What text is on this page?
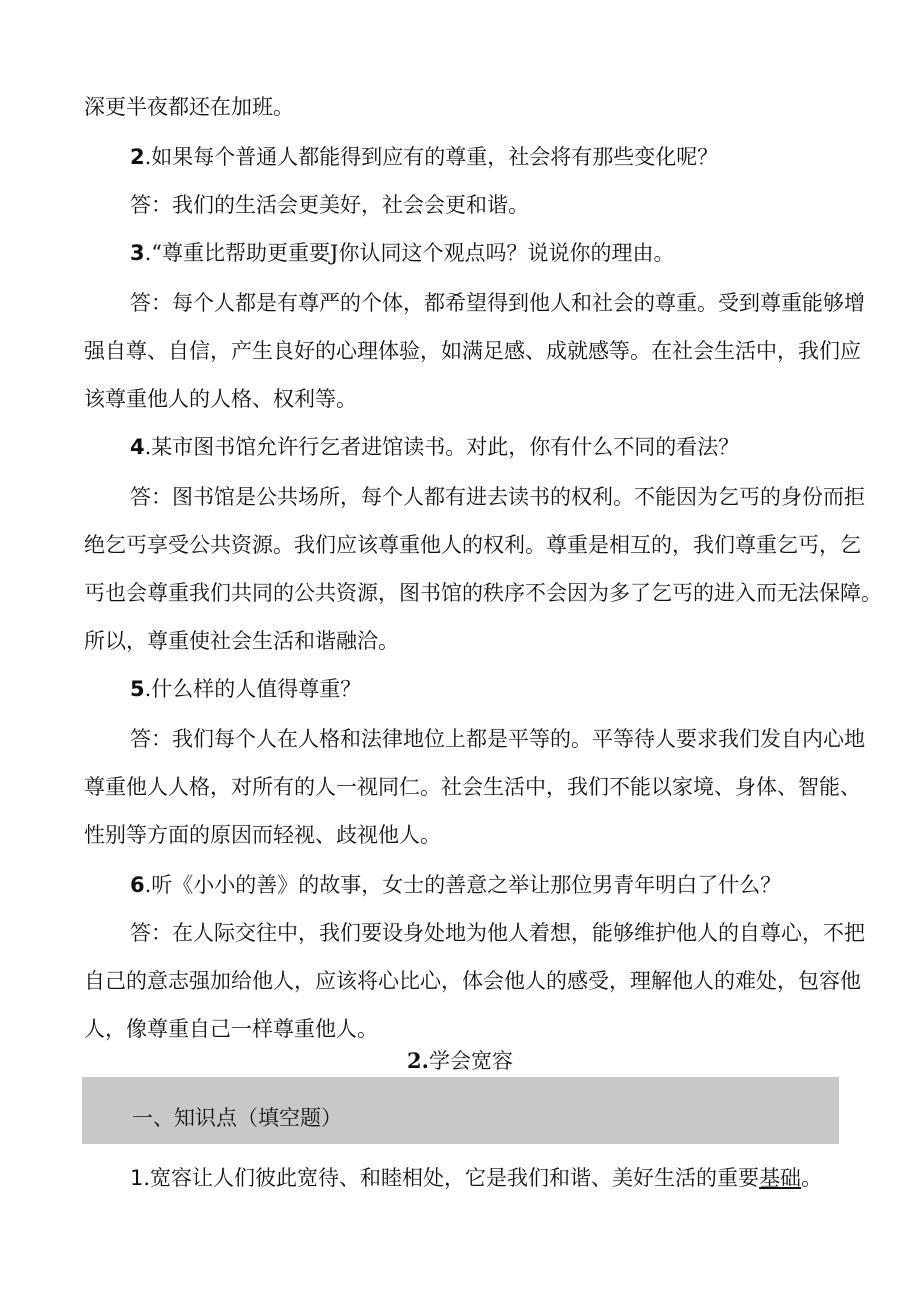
深更半夜都还在加班。
2.如果每个普通人都能得到应有的尊重，社会将有那些变化呢？
答：我们的生活会更美好，社会会更和谐。
3.“尊重比帮助更重要J你认同这个观点吗？说说你的理由。
答：每个人都是有尊严的个体，都希望得到他人和社会的尊重。受到尊重能够增
强自尊、自信，产生良好的心理体验，如满足感、成就感等。在社会生活中，我们应
该尊重他人的人格、权利等。
4.某市图书馆允许行乞者进馆读书。对此，你有什么不同的看法？
答：图书馆是公共场所，每个人都有进去读书的权利。不能因为乞丐的身份而拒
绝乞丐享受公共资源。我们应该尊重他人的权利。尊重是相互的，我们尊重乞丐，乞
丐也会尊重我们共同的公共资源，图书馆的秩序不会因为多了乞丐的进入而无法保障。
所以，尊重使社会生活和谐融洽。
5.什么样的人值得尊重？
答：我们每个人在人格和法律地位上都是平等的。平等待人要求我们发自内心地
尊重他人人格，对所有的人一视同仁。社会生活中，我们不能以家境、身体、智能、
性别等方面的原因而轻视、歧视他人。
6.听《小小的善》的故事，女士的善意之举让那位男青年明白了什么？
答：在人际交往中，我们要设身处地为他人着想，能够维护他人的自尊心，不把
自己的意志强加给他人，应该将心比心，体会他人的感受，理解他人的难处，包容他
人，像尊重自己一样尊重他人。
2.学会宽容
一、知识点（填空题）
1.宽容让人们彼此宽待、和睦相处，它是我们和谐、美好生活的重要基础。
